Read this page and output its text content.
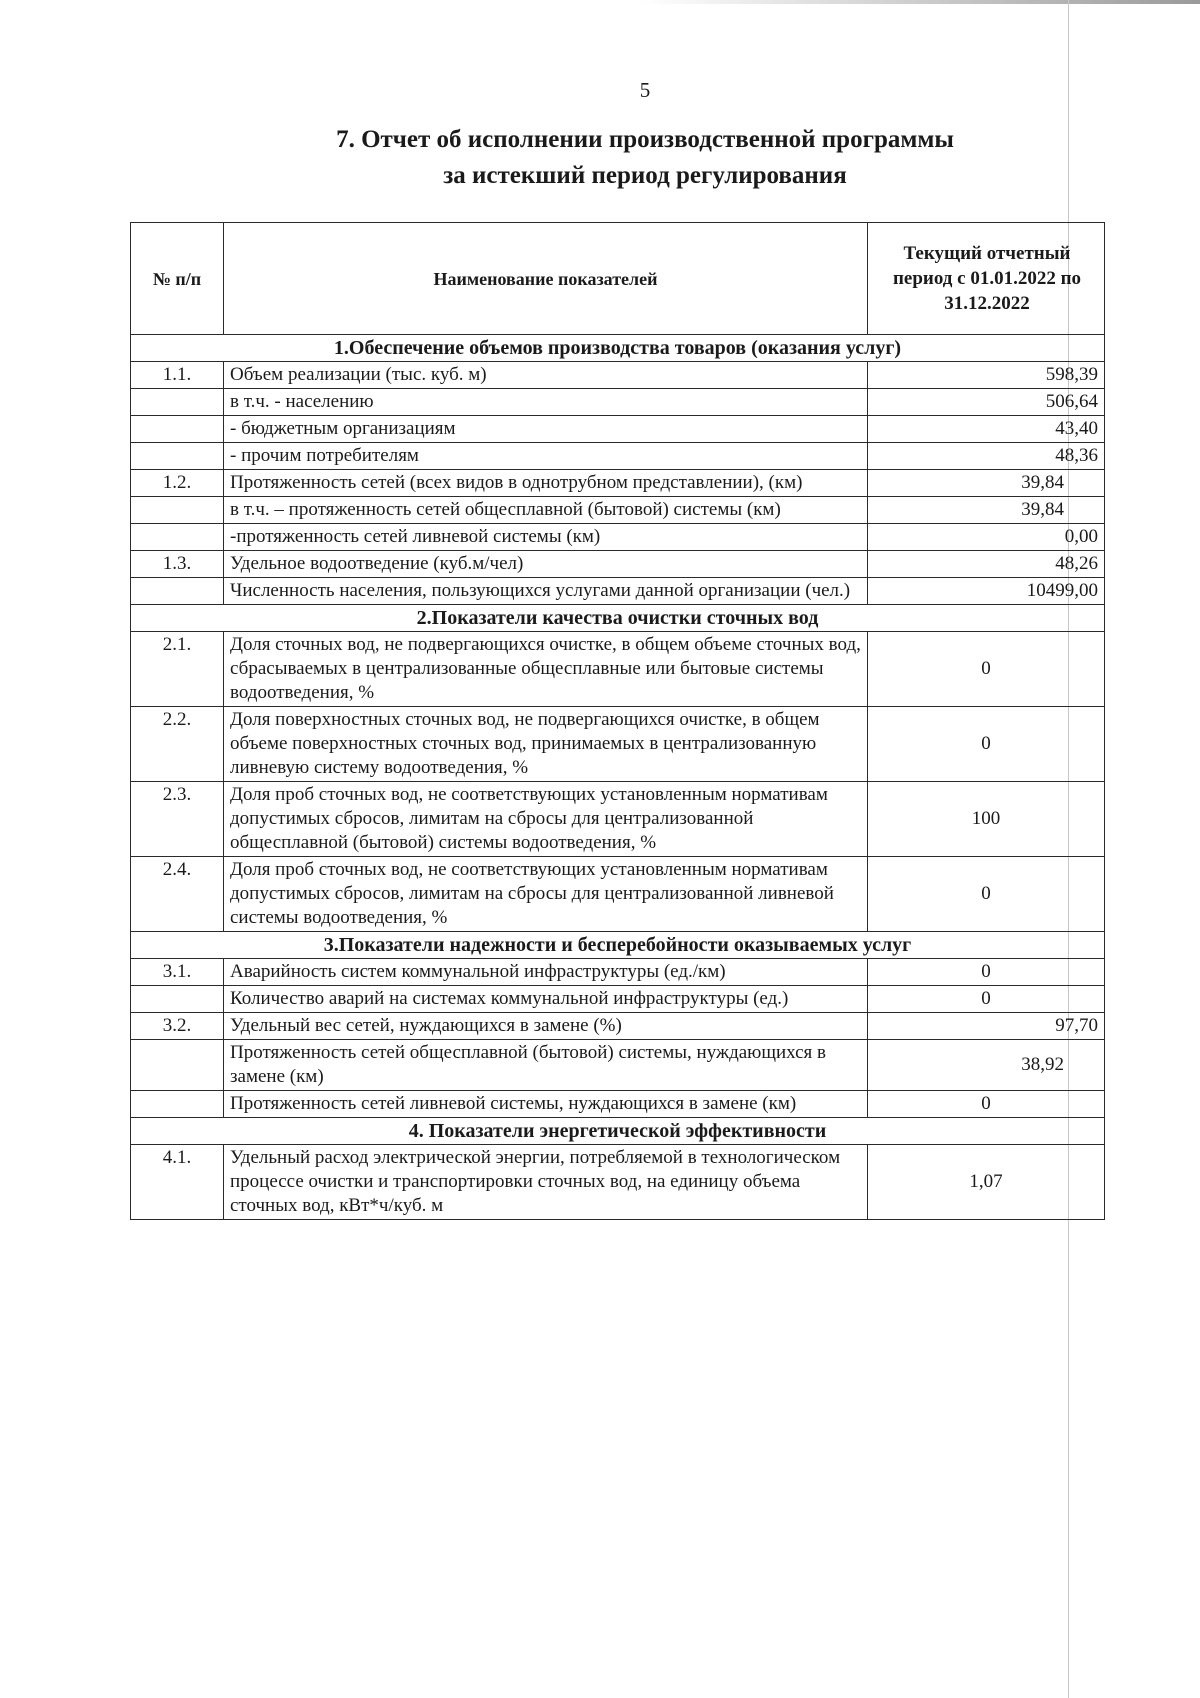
5
7. Отчет об исполнении производственной программы
за истекший период регулирования
№ п/п	Наименование показателей	Текущий отчетный период с 01.01.2022 по 31.12.2022
1.Обеспечение объемов производства товаров (оказания услуг)		
1.1.	Объем реализации (тыс. куб. м)	598,39
	в т.ч. - населению	506,64
	- бюджетным организациям	43,40
	- прочим потребителям	48,36
1.2.	Протяженность сетей (всех видов в однотрубном представлении), (км)	39,84
	в т.ч. – протяженность сетей общесплавной (бытовой) системы (км)	39,84
	-протяженность сетей ливневой системы (км)	0,00
1.3.	Удельное водоотведение (куб.м/чел)	48,26
	Численность населения, пользующихся услугами данной организации (чел.)	10499,00
2.Показатели качества очистки сточных вод		
2.1.	Доля сточных вод, не подвергающихся очистке, в общем объеме сточных вод, сбрасываемых в централизованные общесплавные или бытовые системы водоотведения, %	0
2.2.	Доля поверхностных сточных вод, не подвергающихся очистке, в общем объеме поверхностных сточных вод, принимаемых в централизованную ливневую систему водоотведения, %	0
2.3.	Доля проб сточных вод, не соответствующих установленным нормативам допустимых сбросов, лимитам на сбросы для централизованной общесплавной (бытовой) системы водоотведения, %	100
2.4.	Доля проб сточных вод, не соответствующих установленным нормативам допустимых сбросов, лимитам на сбросы для централизованной ливневой системы водоотведения, %	0
3.Показатели надежности и бесперебойности оказываемых услуг		
3.1.	Аварийность систем коммунальной инфраструктуры (ед./км)	0
	Количество аварий на системах коммунальной инфраструктуры (ед.)	0
3.2.	Удельный вес сетей, нуждающихся в замене (%)	97,70
	Протяженность сетей общесплавной (бытовой) системы, нуждающихся в замене (км)	38,92
	Протяженность сетей ливневой системы, нуждающихся в замене (км)	0
4. Показатели энергетической эффективности		
4.1.	Удельный расход электрической энергии, потребляемой в технологическом процессе очистки и транспортировки сточных вод, на единицу объема сточных вод, кВт*ч/куб. м	1,07
